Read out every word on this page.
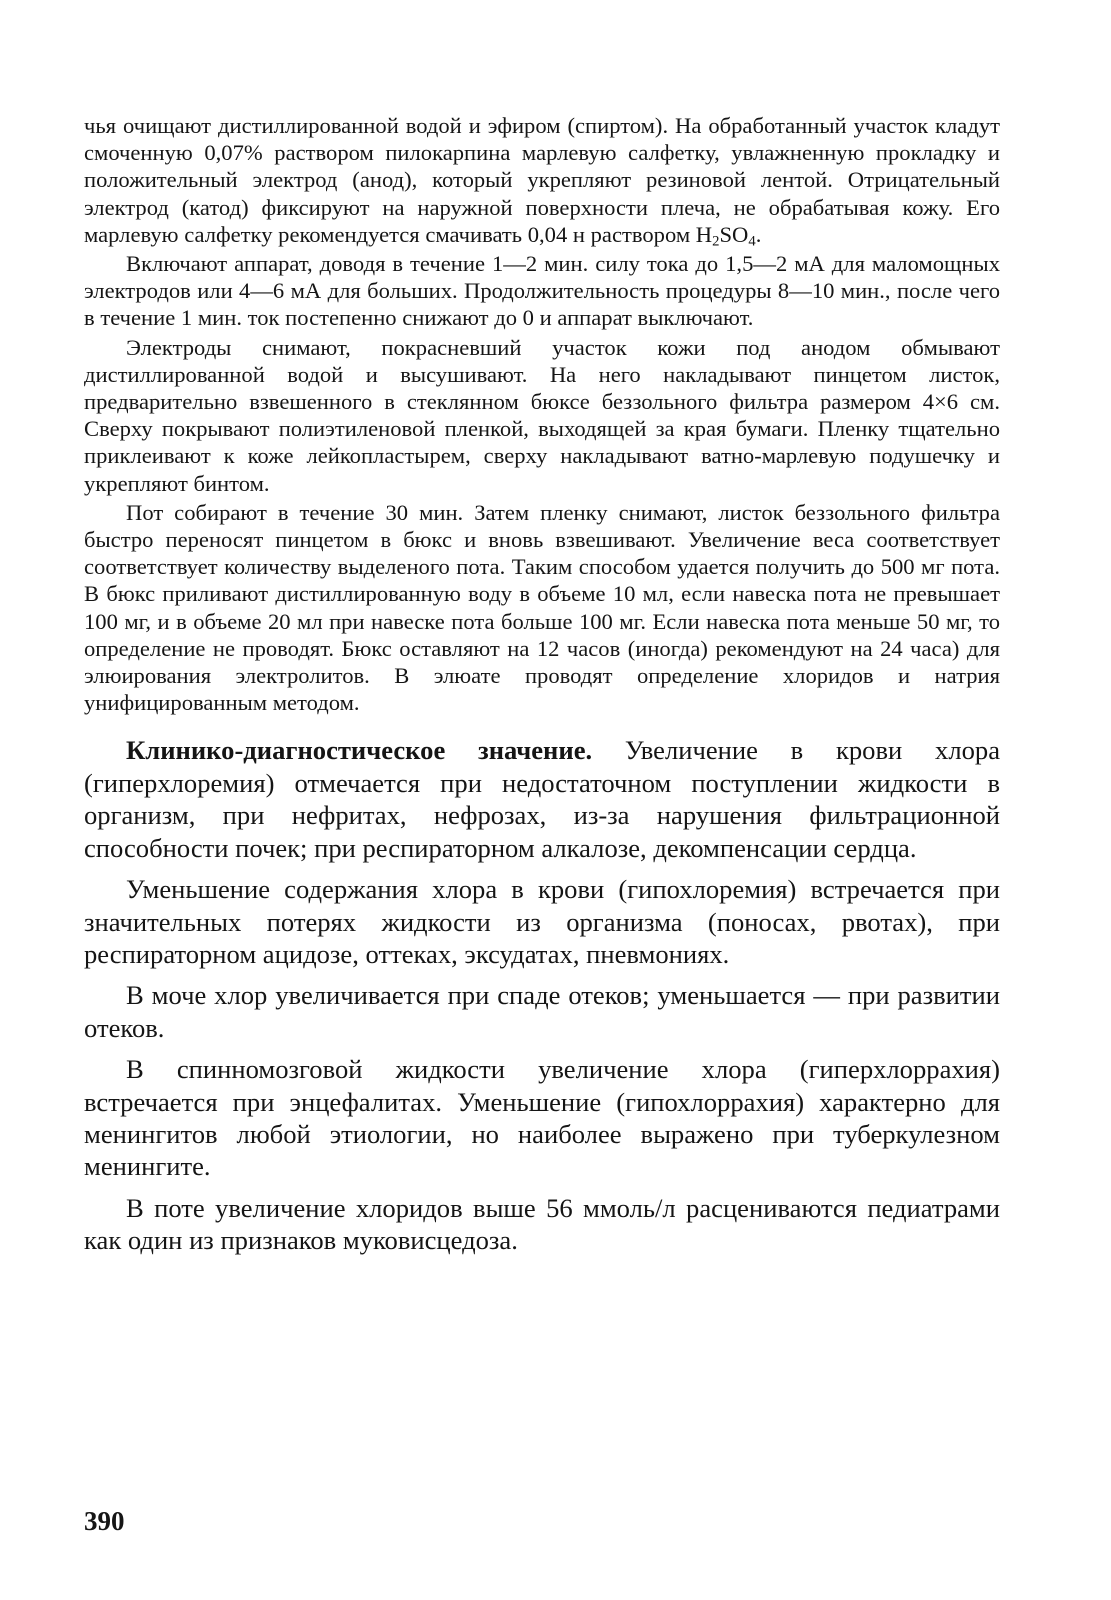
чья очищают дистиллированной водой и эфиром (спиртом). На обработанный участок кладут смоченную 0,07% раствором пилокарпина марлевую салфетку, увлажненную прокладку и положительный электрод (анод), который укрепляют резиновой лентой. Отрицательный электрод (катод) фиксируют на наружной поверхности плеча, не обрабатывая кожу. Его марлевую салфетку рекомендуется смачивать 0,04 н раствором $H_2SO_4$.

Включают аппарат, доводя в течение 1—2 мин. силу тока до 1,5—2 мА для маломощных электродов или 4—6 мА для больших. Продолжительность процедуры 8—10 мин., после чего в течение 1 мин. ток постепенно снижают до 0 и аппарат выключают.

Электроды снимают, покрасневший участок кожи под анодом обмывают дистиллированной водой и высушивают. На него накладывают пинцетом листок, предварительно взвешенного в стеклянном бюксе беззольного фильтра размером 4×6 см. Сверху покрывают полиэтиленовой пленкой, выходящей за края бумаги. Пленку тщательно приклеивают к коже лейкопластырем, сверху накладывают ватно-марлевую подушечку и укрепляют бинтом.

Пот собирают в течение 30 мин. Затем пленку снимают, листок беззольного фильтра быстро переносят пинцетом в бюкс и вновь взвешивают. Увеличение веса соответствует соответствует количеству выделеного пота. Таким способом удается получить до 500 мг пота. В бюкс приливают дистиллированную воду в объеме 10 мл, если навеска пота не превышает 100 мг, и в объеме 20 мл при навеске пота больше 100 мг. Если навеска пота меньше 50 мг, то определение не проводят. Бюкс оставляют на 12 часов (иногда) рекомендуют на 24 часа) для элюирования электролитов. В элюате проводят определение хлоридов и натрия унифицированным методом.

Клинико-диагностическое значение. Увеличение в крови хлора (гиперхлоремия) отмечается при недостаточном поступлении жидкости в организм, при нефритах, нефрозах, из-за нарушения фильтрационной способности почек; при респираторном алкалозе, декомпенсации сердца.

Уменьшение содержания хлора в крови (гипохлоремия) встречается при значительных потерях жидкости из организма (поносах, рвотах), при респираторном ацидозе, оттеках, эксудатах, пневмониях.

В моче хлор увеличивается при спаде отеков; уменьшается — при развитии отеков.

В спинномозговой жидкости увеличение хлора (гиперхлоррахия) встречается при энцефалитах. Уменьшение (гипохлоррахия) характерно для менингитов любой этиологии, но наиболее выражено при туберкулезном менингите.

В поте увеличение хлоридов выше 56 ммоль/л расцениваются педиатрами как один из признаков муковисцедоза.

390
